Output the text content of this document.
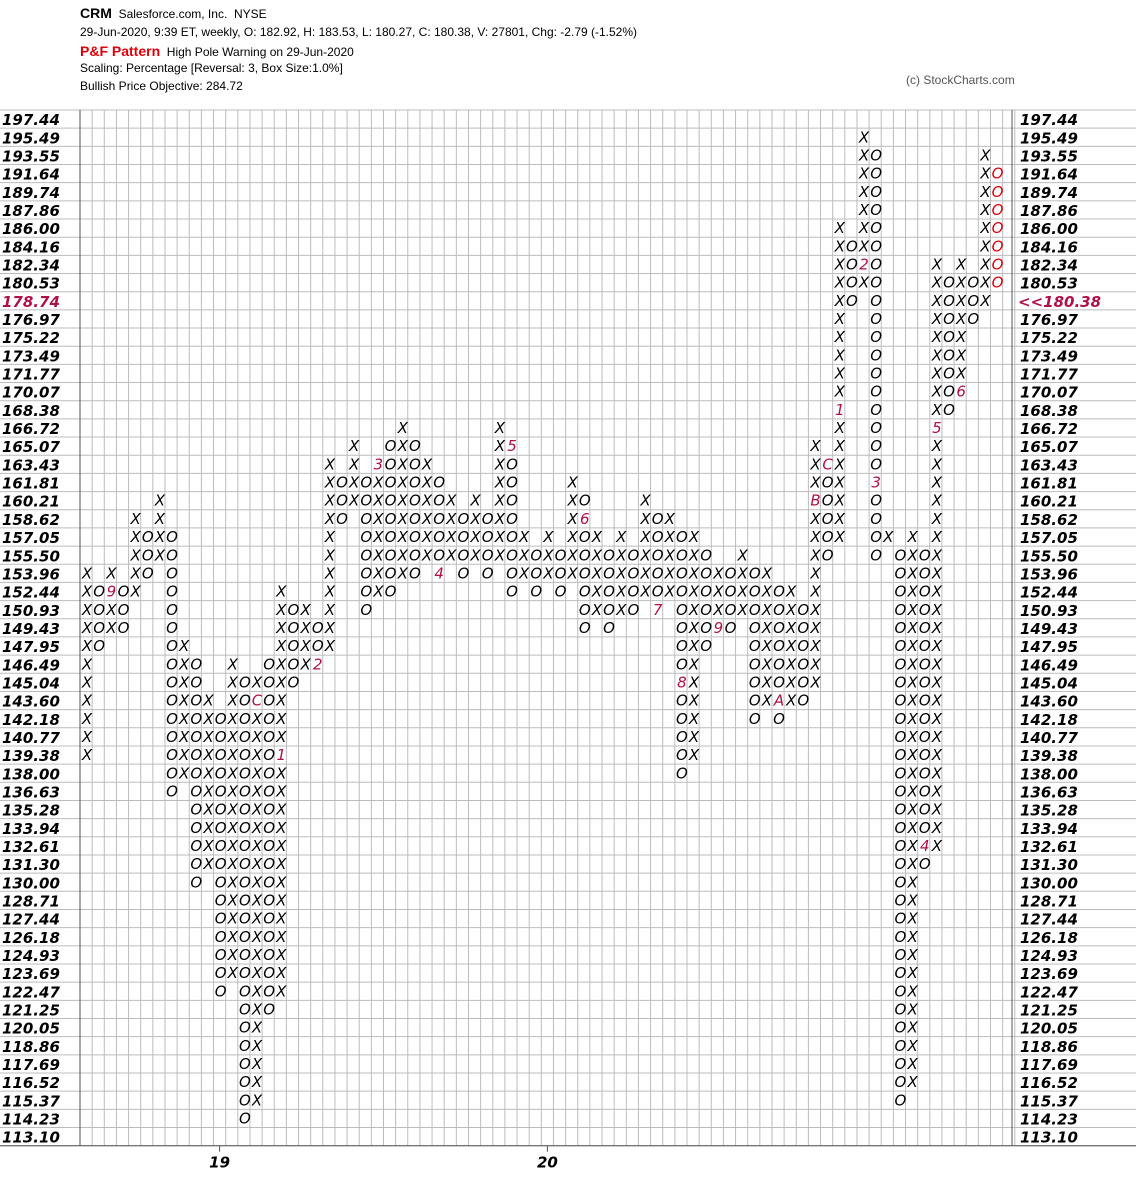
CRM Salesforce.com, Inc. NYSE
29-Jun-2020, 9:39 ET, weekly, O: 182.92, H: 183.53, L: 180.27, C: 180.38, V: 27801, Chg: -2.79 (-1.52%)
P&F Pattern High Pole Warning on 29-Jun-2020
Scaling: Percentage [Reversal: 3, Box Size:1.0%]
Bullish Price Objective: 284.72	(c) StockCharts.com
197.44
195.49
193.55
191.64
189.74
187.86
186.00
184.16
182.34
180.53
178.74
176.97
175.22
173.49
171.77
170.07
168.38
166.72
165.07
163.43
161.81
160.21
158.62
157.05
155.50
153.96
152.44
150.93
149.43
147.95
146.49
145.04
143.60
142.18
140.77
139.38
138.00
136.63
135.28
133.94
132.61
131.30
130.00
128.71
127.44
126.18
124.93
123.69
122.47
121.25
120.05
118.86
117.69
116.52
115.37
114.23
113.10
197.44
195.49
193.55
191.64
189.74
187.86
186.00
184.16
182.34
180.53
<<180.38
176.97
175.22
173.49
171.77
170.07
168.38
166.72
165.07
163.43
161.81
160.21
158.62
157.05
155.50
153.96
152.44
150.93
149.43
147.95
146.49
145.04
143.60
142.18
140.77
139.38
138.00
136.63
135.28
133.94
132.61
131.30
130.00
128.71
127.44
126.18
124.93
123.69
122.47
121.25
120.05
118.86
117.69
116.52
115.37
114.23
113.10
X
X
X
X
X
X
X
X
X
X
X
O
O
O
O
X
9
X
X
O
O
O
X
X
X
X
X
O
O
O
X
X
X
X
O
O
O
O
O
O
O
O
O
O
O
O
O
O
O
X
X
X
X
X
X
X
X
O
O
O
O
O
O
O
O
O
O
O
O
O
X
X
X
X
X
X
X
X
X
X
O
O
O
O
O
O
O
O
O
O
O
O
O
O
O
O
X
X
X
X
X
X
X
X
X
X
X
X
X
X
X
X
X
X
O
O
O
O
O
O
O
O
O
O
O
O
O
O
O
O
O
O
O
O
O
O
O
O
O
X
C
X
X
X
X
X
X
X
X
X
X
X
X
X
X
X
X
X
X
X
X
X
X
O
O
O
O
O
O
O
O
O
O
O
O
O
O
O
O
O
O
O
O
X
X
X
X
X
X
X
X
X
1
X
X
X
X
X
X
X
X
X
X
X
X
X
O
O
O
O
O
X
X
X
X
O
O
2
X
X
X
X
X
X
X
X
X
X
X
O
O
O
X
X
X
X
O
O
O
O
O
O
O
O
3
X
X
X
X
X
X
X
O
O
O
O
O
O
O
O
O
X
X
X
X
X
X
X
X
X
O
O
O
O
O
O
O
O
X
X
X
X
X
X
O
O
O
O
O
4
X
X
X
X
O
O
O
O
X
X
X
X
O
O
O
O
X
X
X
X
X
X
X
X
5
O
O
O
O
O
O
O
O
X
X
X
O
O
O
X
X
X
O
O
O
X
X
X
X
X
X
O
6
O
O
O
O
O
O
X
X
X
X
X
O
O
O
O
O
X
X
X
X
X
O
O
O
O
X
X
X
X
X
X
O
O
O
O
O
7
X
X
X
X
X
O
O
O
O
O
O
O
O
8
O
O
O
O
O
X
X
X
X
X
X
X
X
X
X
X
X
X
O
O
O
O
O
O
X
X
X
9
O
O
O
O
X
X
X
X
O
O
O
O
O
O
O
O
O
X
X
X
X
X
X
X
X
O
O
O
O
O
O
A
O
X
X
X
X
X
X
X
O
O
O
O
O
O
X
X
X
B
X
X
X
X
X
X
X
X
X
X
C
O
O
O
O
O
X
X
X
X
X
X
X
X
X
X
1
X
X
X
X
X
X
X
O
O
O
O
X
X
X
X
X
X
X
2
X
O
O
O
O
O
O
O
O
O
O
O
O
O
O
O
O
O
O
3
O
O
O
O
X
O
O
O
O
O
O
O
O
O
O
O
O
O
O
O
O
O
O
O
O
O
O
O
O
O
O
O
O
O
O
O
X
X
X
X
X
X
X
X
X
X
X
X
X
X
X
X
X
X
X
X
X
X
X
X
X
X
X
X
X
X
X
O
O
O
O
O
O
O
O
O
O
O
O
O
O
O
O
4
O
X
X
X
X
X
X
X
X
X
5
X
X
X
X
X
X
X
X
X
X
X
X
X
X
X
X
X
X
X
X
X
X
X
O
O
O
O
O
O
O
O
X
X
X
X
X
X
X
6
O
O
O
X
X
X
X
X
X
X
X
X
O
O
O
O
O
O
O
19	20
